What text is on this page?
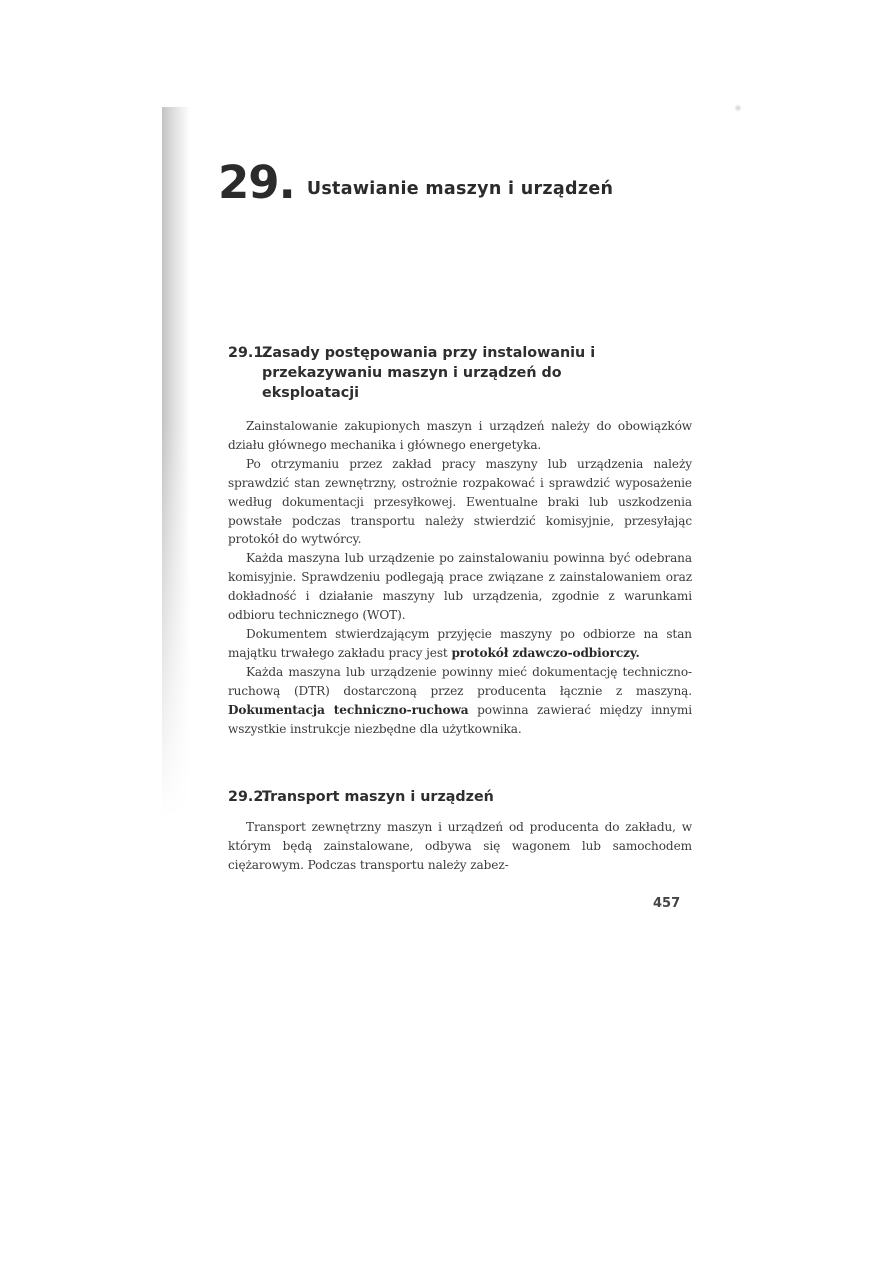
29. Ustawianie maszyn i urządzeń
29.1.Zasady postępowania przy instalowaniu i przekazywaniu maszyn i urządzeń do eksploatacji

Zainstalowanie zakupionych maszyn i urządzeń należy do obowiązków działu głównego mechanika i głównego energetyka.

Po otrzymaniu przez zakład pracy maszyny lub urządzenia należy sprawdzić stan zewnętrzny, ostrożnie rozpakować i sprawdzić wyposażenie według dokumentacji przesyłkowej. Ewentualne braki lub uszkodzenia powstałe podczas transportu należy stwierdzić komisyjnie, przesyłając protokół do wytwórcy.

Każda maszyna lub urządzenie po zainstalowaniu powinna być odebrana komisyjnie. Sprawdzeniu podlegają prace związane z zainstalowaniem oraz dokładność i działanie maszyny lub urządzenia, zgodnie z warunkami odbioru technicznego (WOT).

Dokumentem stwierdzającym przyjęcie maszyny po odbiorze na stan majątku trwałego zakładu pracy jest protokół zdawczo-odbiorczy.

Każda maszyna lub urządzenie powinny mieć dokumentację techniczno-ruchową (DTR) dostarczoną przez producenta łącznie z maszyną. Dokumentacja techniczno-ruchowa powinna zawierać między innymi wszystkie instrukcje niezbędne dla użytkownika.

29.2.Transport maszyn i urządzeń

Transport zewnętrzny maszyn i urządzeń od producenta do zakładu, w którym będą zainstalowane, odbywa się wagonem lub samochodem ciężarowym. Podczas transportu należy zabez-

457
